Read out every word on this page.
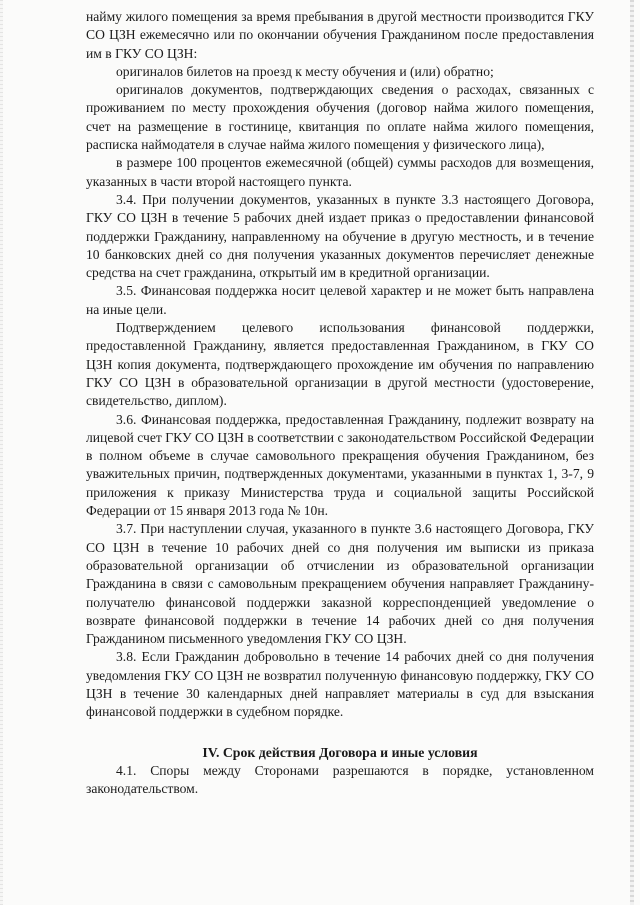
найму жилого помещения за время пребывания в другой местности производится ГКУ СО ЦЗН ежемесячно или по окончании обучения Гражданином после предоставления им в ГКУ СО ЦЗН:

оригиналов билетов на проезд к месту обучения и (или) обратно;

оригиналов документов, подтверждающих сведения о расходах, связанных с проживанием по месту прохождения обучения (договор найма жилого помещения, счет на размещение в гостинице, квитанция по оплате найма жилого помещения, расписка наймодателя в случае найма жилого помещения у физического лица),

в размере 100 процентов ежемесячной (общей) суммы расходов для возмещения, указанных в части второй настоящего пункта.

3.4. При получении документов, указанных в пункте 3.3 настоящего Договора, ГКУ СО ЦЗН в течение 5 рабочих дней издает приказ о предоставлении финансовой поддержки Гражданину, направленному на обучение в другую местность, и в течение 10 банковских дней со дня получения указанных документов перечисляет денежные средства на счет гражданина, открытый им в кредитной организации.

3.5. Финансовая поддержка носит целевой характер и не может быть направлена на иные цели.

Подтверждением целевого использования финансовой поддержки, предоставленной Гражданину, является предоставленная Гражданином, в ГКУ СО ЦЗН копия документа, подтверждающего прохождение им обучения по направлению ГКУ СО ЦЗН в образовательной организации в другой местности (удостоверение, свидетельство, диплом).

3.6. Финансовая поддержка, предоставленная Гражданину, подлежит возврату на лицевой счет ГКУ СО ЦЗН в соответствии с законодательством Российской Федерации в полном объеме в случае самовольного прекращения обучения Гражданином, без уважительных причин, подтвержденных документами, указанными в пунктах 1, 3-7, 9 приложения к приказу Министерства труда и социальной защиты Российской Федерации от 15 января 2013 года № 10н.

3.7. При наступлении случая, указанного в пункте 3.6 настоящего Договора, ГКУ СО ЦЗН в течение 10 рабочих дней со дня получения им выписки из приказа образовательной организации об отчислении из образовательной организации Гражданина в связи с самовольным прекращением обучения направляет Гражданину-получателю финансовой поддержки заказной корреспонденцией уведомление о возврате финансовой поддержки в течение 14 рабочих дней со дня получения Гражданином письменного уведомления ГКУ СО ЦЗН.

3.8. Если Гражданин добровольно в течение 14 рабочих дней со дня получения уведомления ГКУ СО ЦЗН не возвратил полученную финансовую поддержку, ГКУ СО ЦЗН в течение 30 календарных дней направляет материалы в суд для взыскания финансовой поддержки в судебном порядке.

IV. Срок действия Договора и иные условия

4.1. Споры между Сторонами разрешаются в порядке, установленном законодательством.
